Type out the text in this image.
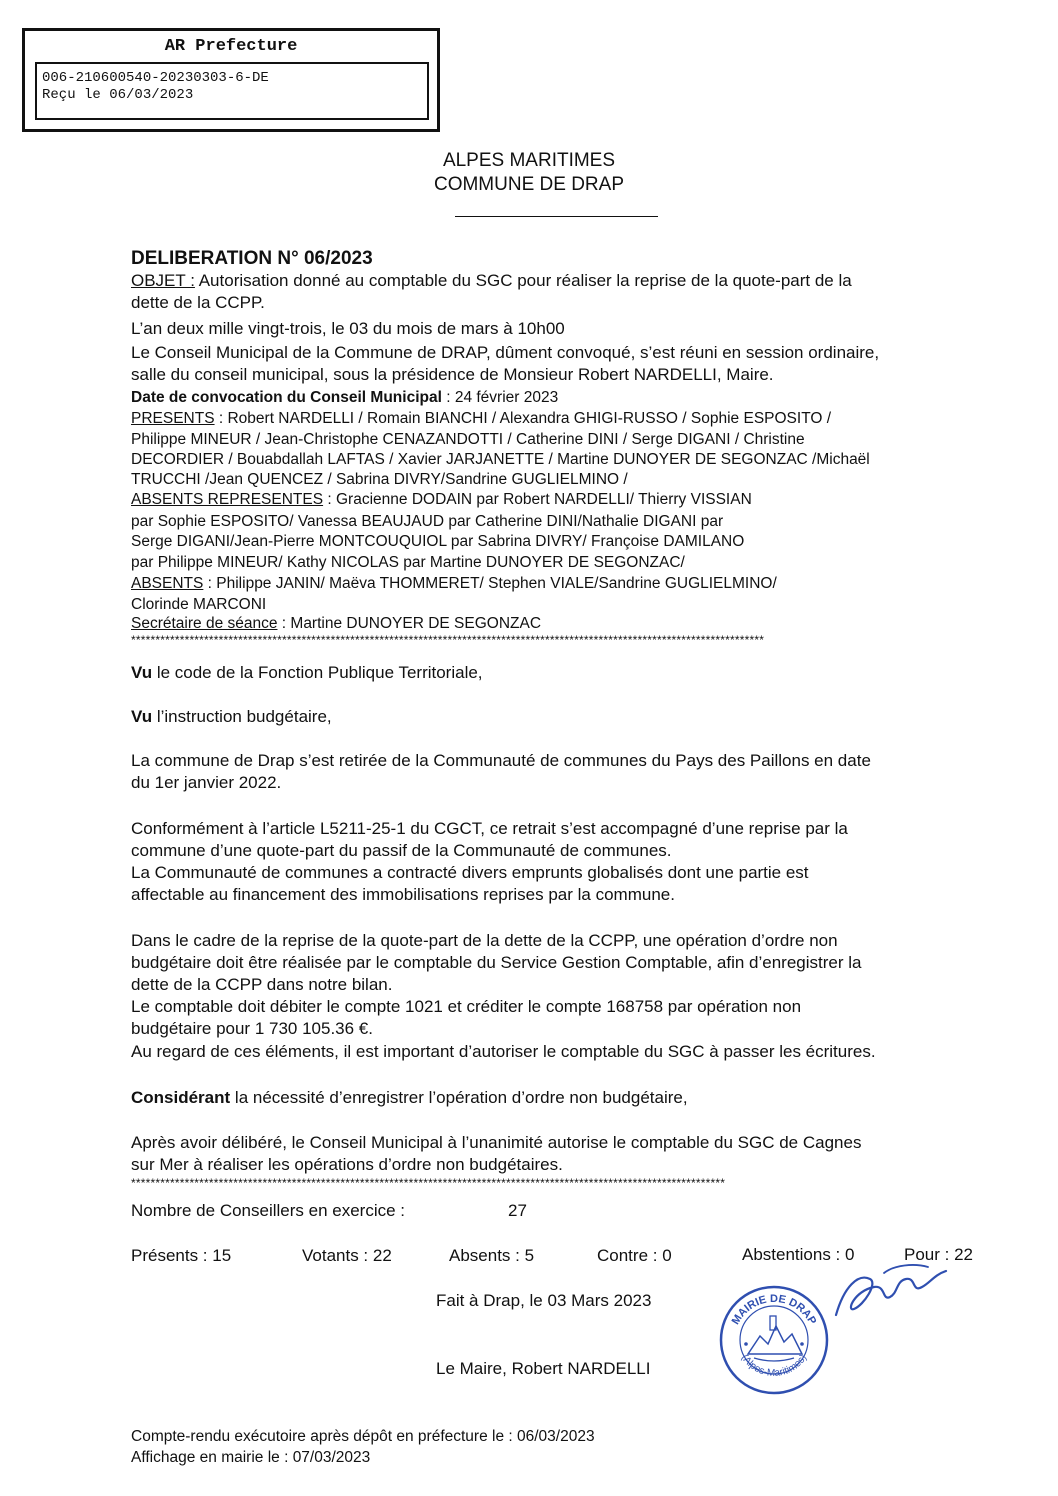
AR Prefecture
006-210600540-20230303-6-DE
Reçu le 06/03/2023
ALPES MARITIMES
COMMUNE DE DRAP
DELIBERATION N° 06/2023
OBJET : Autorisation donné au comptable du SGC pour réaliser la reprise de la quote-part de la
dette de la CCPP.
L’an deux mille vingt-trois, le 03 du mois de mars à 10h00
Le Conseil Municipal de la Commune de DRAP, dûment convoqué, s’est réuni en session ordinaire,
salle du conseil municipal, sous la présidence de Monsieur Robert NARDELLI, Maire.
Date de convocation du Conseil Municipal : 24 février 2023
PRESENTS : Robert NARDELLI / Romain BIANCHI / Alexandra GHIGI-RUSSO / Sophie ESPOSITO /
Philippe MINEUR / Jean-Christophe CENAZANDOTTI / Catherine DINI / Serge DIGANI / Christine
DECORDIER / Bouabdallah LAFTAS / Xavier JARJANETTE / Martine DUNOYER DE SEGONZAC /Michaël
TRUCCHI /Jean QUENCEZ / Sabrina DIVRY/Sandrine GUGLIELMINO /
ABSENTS REPRESENTES : Gracienne DODAIN par Robert NARDELLI/ Thierry VISSIAN
par Sophie ESPOSITO/ Vanessa BEAUJAUD par Catherine DINI/Nathalie DIGANI par
Serge DIGANI/Jean-Pierre MONTCOUQUIOL par Sabrina DIVRY/ Françoise DAMILANO
par Philippe MINEUR/ Kathy NICOLAS par Martine DUNOYER DE SEGONZAC/
ABSENTS : Philippe JANIN/ Maëva THOMMERET/ Stephen VIALE/Sandrine GUGLIELMINO/
Clorinde MARCONI
Secrétaire de séance : Martine DUNOYER DE SEGONZAC
**********************************************************************************************************************************
Vu le code de la Fonction Publique Territoriale,
Vu l’instruction budgétaire,
La commune de Drap s’est retirée de la Communauté de communes du Pays des Paillons en date
du 1er janvier 2022.
Conformément à l’article L5211-25-1 du CGCT, ce retrait s’est accompagné d’une reprise par la
commune d’une quote-part du passif de la Communauté de communes.
La Communauté de communes a contracté divers emprunts globalisés dont une partie est
affectable au financement des immobilisations reprises par la commune.
Dans le cadre de la reprise de la quote-part de la dette de la CCPP, une opération d’ordre non
budgétaire doit être réalisée par le comptable du Service Gestion Comptable, afin d’enregistrer la
dette de la CCPP dans notre bilan.
Le comptable doit débiter le compte 1021 et créditer le compte 168758 par opération non
budgétaire pour 1 730 105.36 €.
Au regard de ces éléments, il est important d’autoriser le comptable du SGC à passer les écritures.
Considérant la nécessité d’enregistrer l’opération d’ordre non budgétaire,
Après avoir délibéré, le Conseil Municipal à l’unanimité autorise le comptable du SGC de Cagnes
sur Mer à réaliser les opérations d’ordre non budgétaires.
**************************************************************************************************************************
Nombre de Conseillers en exercice :	27
Présents : 15	Votants : 22	Absents : 5	Contre : 0	Abstentions : 0	Pour : 22
Fait à Drap, le 03 Mars 2023
Le Maire, Robert NARDELLI
MAIRIE DE DRAP
(Alpes-Maritimes)
Compte-rendu exécutoire après dépôt en préfecture le : 06/03/2023
Affichage en mairie le : 07/03/2023
